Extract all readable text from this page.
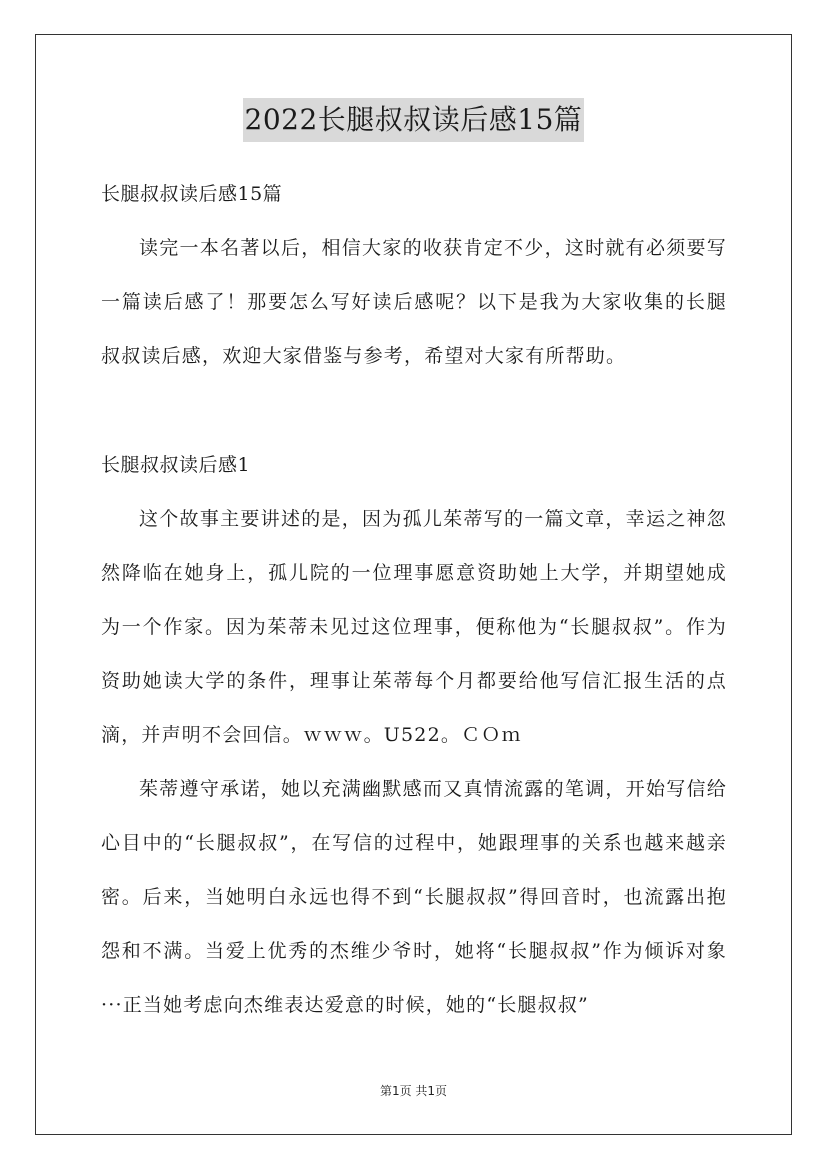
2022长腿叔叔读后感15篇

长腿叔叔读后感15篇

读完一本名著以后，相信大家的收获肯定不少，这时就有必须要写一篇读后感了！那要怎么写好读后感呢？以下是我为大家收集的长腿叔叔读后感，欢迎大家借鉴与参考，希望对大家有所帮助。

长腿叔叔读后感1

这个故事主要讲述的是，因为孤儿茱蒂写的一篇文章，幸运之神忽然降临在她身上，孤儿院的一位理事愿意资助她上大学，并期望她成为一个作家。因为茱蒂未见过这位理事，便称他为“长腿叔叔”。作为资助她读大学的条件，理事让茱蒂每个月都要给他写信汇报生活的点滴，并声明不会回信。ｗｗｗ。U522。ＣＯｍ

茱蒂遵守承诺，她以充满幽默感而又真情流露的笔调，开始写信给心目中的“长腿叔叔”，在写信的过程中，她跟理事的关系也越来越亲密。后来，当她明白永远也得不到“长腿叔叔”得回音时，也流露出抱怨和不满。当爱上优秀的杰维少爷时，她将“长腿叔叔”作为倾诉对象···正当她考虑向杰维表达爱意的时候，她的“长腿叔叔”

第1页 共1页
